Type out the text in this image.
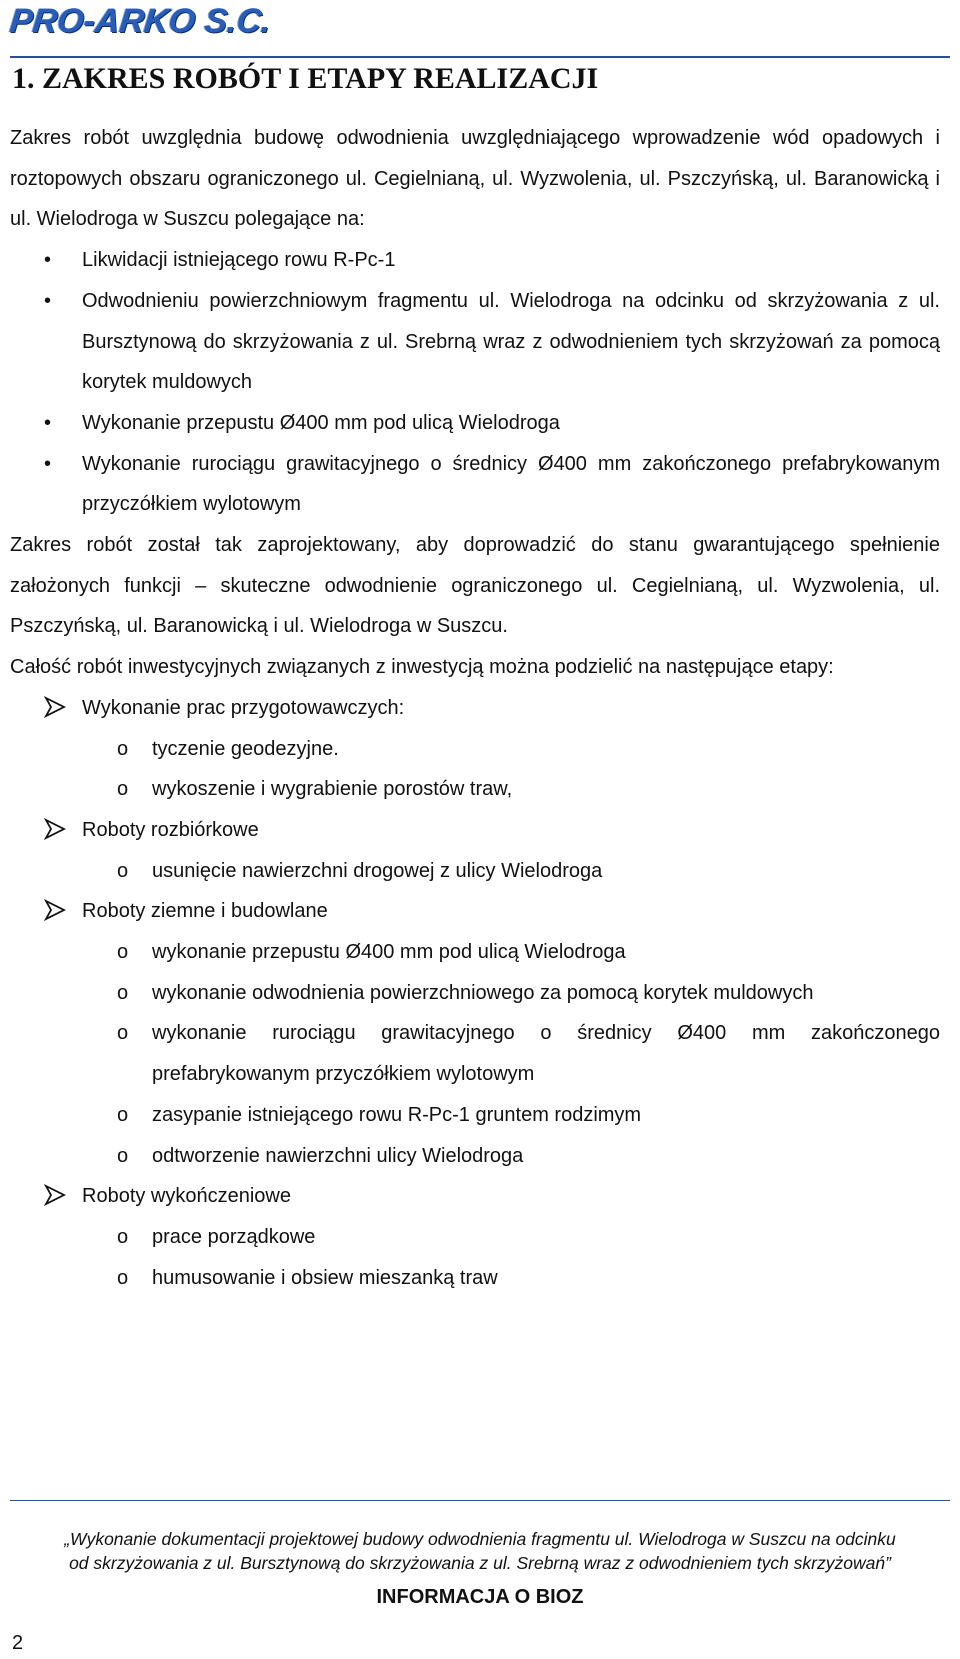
PRO-ARKO S.C.
1. ZAKRES ROBÓT I ETAPY REALIZACJI

Zakres robót uwzględnia budowę odwodnienia uwzględniającego wprowadzenie wód opadowych i roztopowych obszaru ograniczonego ul. Cegielnianą, ul. Wyzwolenia, ul. Pszczyńską, ul. Baranowicką i ul. Wielodroga w Suszcu polegające na:

• Likwidacji istniejącego rowu R-Pc-1
• Odwodnieniu powierzchniowym fragmentu ul. Wielodroga na odcinku od skrzyżowania z ul. Bursztynową do skrzyżowania z ul. Srebrną wraz z odwodnieniem tych skrzyżowań za pomocą korytek muldowych
• Wykonanie przepustu Ø400 mm pod ulicą Wielodroga
• Wykonanie rurociągu grawitacyjnego o średnicy Ø400 mm zakończonego prefabrykowanym przyczółkiem wylotowym

Zakres robót został tak zaprojektowany, aby doprowadzić do stanu gwarantującego spełnienie założonych funkcji – skuteczne odwodnienie ograniczonego ul. Cegielnianą, ul. Wyzwolenia, ul. Pszczyńską, ul. Baranowicką i ul. Wielodroga w Suszcu.

Całość robót inwestycyjnych związanych z inwestycją można podzielić na następujące etapy:

Wykonanie prac przygotowawczych:
o tyczenie geodezyjne.
o wykoszenie i wygrabienie porostów traw,
Roboty rozbiórkowe
o usunięcie nawierzchni drogowej z ulicy Wielodroga
Roboty ziemne i budowlane
o wykonanie przepustu Ø400 mm pod ulicą Wielodroga
o wykonanie odwodnienia powierzchniowego za pomocą korytek muldowych
o wykonanie rurociągu grawitacyjnego o średnicy Ø400 mm zakończonego prefabrykowanym przyczółkiem wylotowym
o zasypanie istniejącego rowu R-Pc-1 gruntem rodzimym
o odtworzenie nawierzchni ulicy Wielodroga
Roboty wykończeniowe
o prace porządkowe
o humusowanie i obsiew mieszanką traw
„Wykonanie dokumentacji projektowej budowy odwodnienia fragmentu ul. Wielodroga w Suszcu na odcinku
od skrzyżowania z ul. Bursztynową do skrzyżowania z ul. Srebrną wraz z odwodnieniem tych skrzyżowań”
INFORMACJA O BIOZ
2
